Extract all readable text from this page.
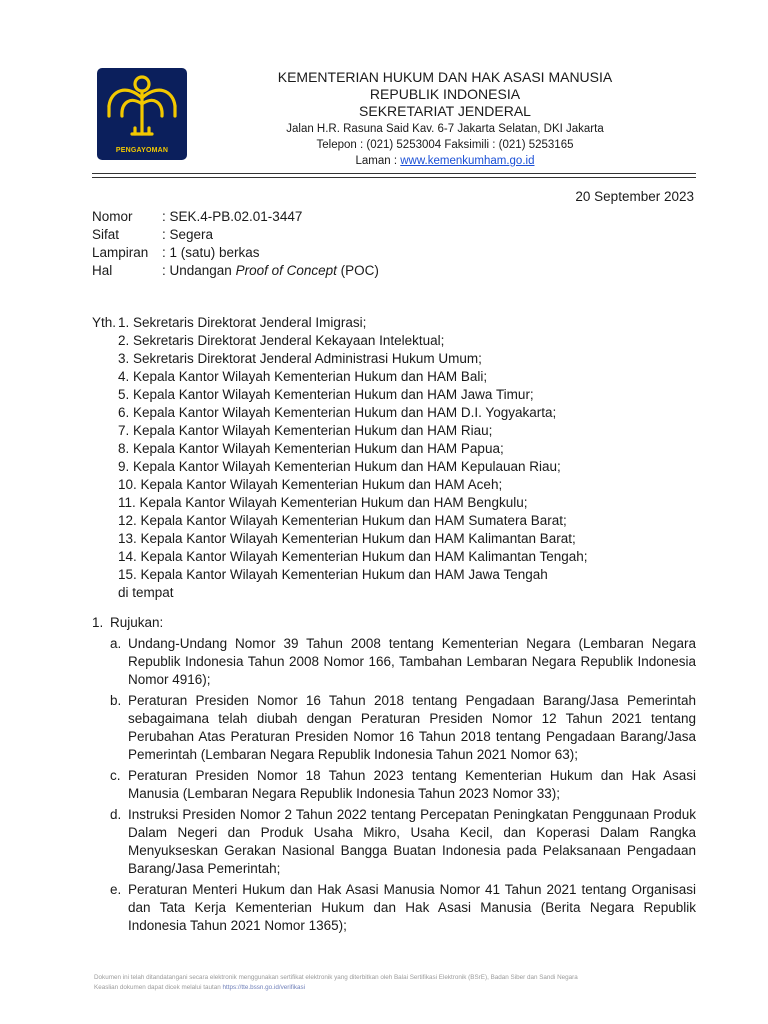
PENGAYOMAN
KEMENTERIAN HUKUM DAN HAK ASASI MANUSIA
REPUBLIK INDONESIA
SEKRETARIAT JENDERAL
Jalan H.R. Rasuna Said Kav. 6-7 Jakarta Selatan, DKI Jakarta
Telepon : (021) 5253004 Faksimili : (021) 5253165
Laman : www.kemenkumham.go.id
20 September 2023
Nomor : SEK.4-PB.02.01-3447
Sifat	: Segera
Lampiran : 1 (satu) berkas
Hal	: Undangan Proof of Concept (POC)
Yth. 1. Sekretaris Direktorat Jenderal Imigrasi;
2. Sekretaris Direktorat Jenderal Kekayaan Intelektual;
3. Sekretaris Direktorat Jenderal Administrasi Hukum Umum;
4. Kepala Kantor Wilayah Kementerian Hukum dan HAM Bali;
5. Kepala Kantor Wilayah Kementerian Hukum dan HAM Jawa Timur;
6. Kepala Kantor Wilayah Kementerian Hukum dan HAM D.I. Yogyakarta;
7. Kepala Kantor Wilayah Kementerian Hukum dan HAM Riau;
8. Kepala Kantor Wilayah Kementerian Hukum dan HAM Papua;
9. Kepala Kantor Wilayah Kementerian Hukum dan HAM Kepulauan Riau;
10. Kepala Kantor Wilayah Kementerian Hukum dan HAM Aceh;
11. Kepala Kantor Wilayah Kementerian Hukum dan HAM Bengkulu;
12. Kepala Kantor Wilayah Kementerian Hukum dan HAM Sumatera Barat;
13. Kepala Kantor Wilayah Kementerian Hukum dan HAM Kalimantan Barat;
14. Kepala Kantor Wilayah Kementerian Hukum dan HAM Kalimantan Tengah;
15. Kepala Kantor Wilayah Kementerian Hukum dan HAM Jawa Tengah
di tempat
1. Rujukan:
a. Undang-Undang Nomor 39 Tahun 2008 tentang Kementerian Negara (Lembaran Negara Republik Indonesia Tahun 2008 Nomor 166, Tambahan Lembaran Negara Republik Indonesia Nomor 4916);
b. Peraturan Presiden Nomor 16 Tahun 2018 tentang Pengadaan Barang/Jasa Pemerintah sebagaimana telah diubah dengan Peraturan Presiden Nomor 12 Tahun 2021 tentang Perubahan Atas Peraturan Presiden Nomor 16 Tahun 2018 tentang Pengadaan Barang/Jasa Pemerintah (Lembaran Negara Republik Indonesia Tahun 2021 Nomor 63);
c. Peraturan Presiden Nomor 18 Tahun 2023 tentang Kementerian Hukum dan Hak Asasi Manusia (Lembaran Negara Republik Indonesia Tahun 2023 Nomor 33);
d. Instruksi Presiden Nomor 2 Tahun 2022 tentang Percepatan Peningkatan Penggunaan Produk Dalam Negeri dan Produk Usaha Mikro, Usaha Kecil, dan Koperasi Dalam Rangka Menyukseskan Gerakan Nasional Bangga Buatan Indonesia pada Pelaksanaan Pengadaan Barang/Jasa Pemerintah;
e. Peraturan Menteri Hukum dan Hak Asasi Manusia Nomor 41 Tahun 2021 tentang Organisasi dan Tata Kerja Kementerian Hukum dan Hak Asasi Manusia (Berita Negara Republik Indonesia Tahun 2021 Nomor 1365);
Dokumen ini telah ditandatangani secara elektronik menggunakan sertifikat elektronik yang diterbitkan oleh Balai Sertifikasi Elektronik (BSrE), Badan Siber dan Sandi Negara
Keaslian dokumen dapat dicek melalui tautan https://tte.bssn.go.id/verifikasi
